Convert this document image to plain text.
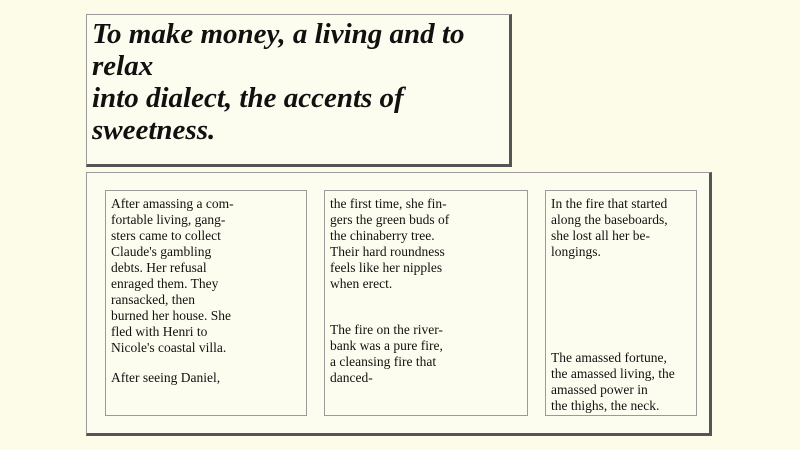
To make money, a living and to
relax
into dialect, the accents of
sweetness.

After amassing a com-
fortable living, gang-
sters came to collect
Claude's gambling
debts. Her refusal
enraged them. They
ransacked, then
burned her house. She
fled with Henri to
Nicole's coastal villa.

After seeing Daniel,

the first time, she fin-
gers the green buds of
the chinaberry tree.
Their hard roundness
feels like her nipples
when erect.

The fire on the river-
bank was a pure fire,
a cleansing fire that
danced-

In the fire that started
along the baseboards,
she lost all her be-
longings.

The amassed fortune,
the amassed living, the
amassed power in
the thighs, the neck.
